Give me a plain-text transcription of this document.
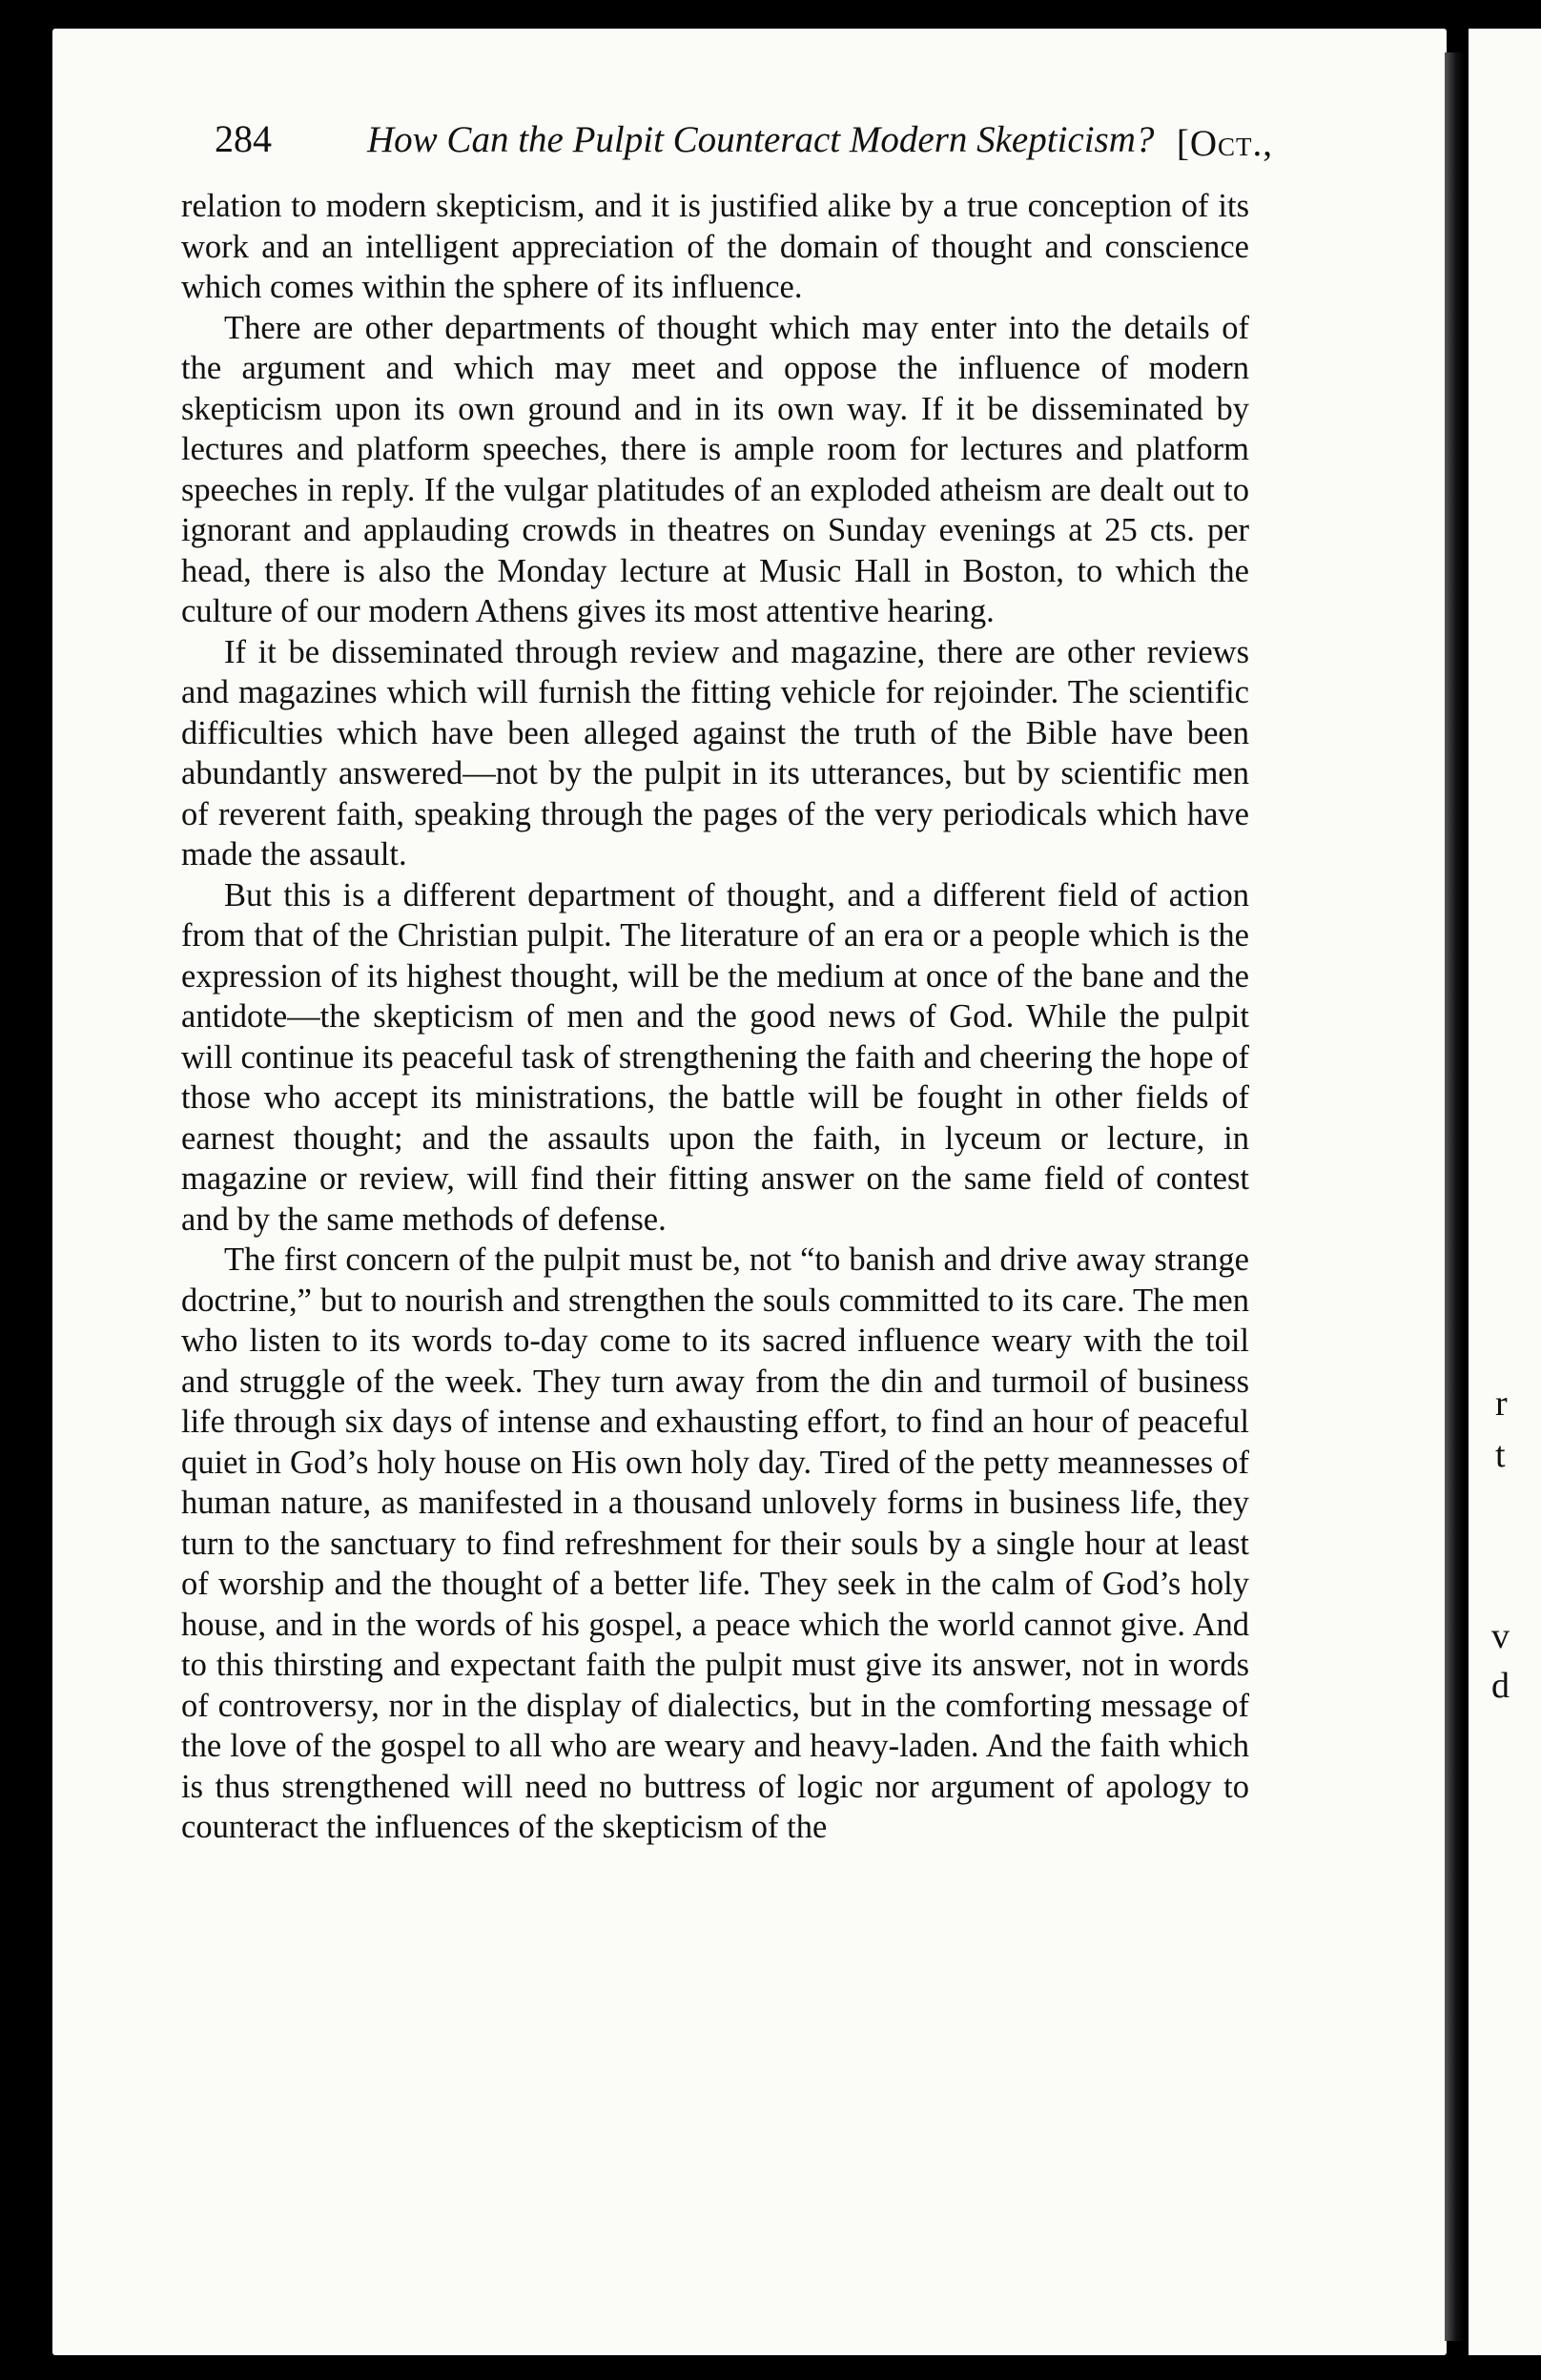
r
t
v
d
284	How Can the Pulpit Counteract Modern Skepticism? [Oct.,

relation to modern skepticism, and it is justified alike by a true conception of its work and an intelligent appreciation of the domain of thought and conscience which comes within the sphere of its influence.

There are other departments of thought which may enter into the details of the argument and which may meet and oppose the influence of modern skepticism upon its own ground and in its own way. If it be disseminated by lectures and platform speeches, there is ample room for lectures and platform speeches in reply. If the vulgar platitudes of an exploded atheism are dealt out to ignorant and applauding crowds in theatres on Sunday evenings at 25 cts. per head, there is also the Monday lecture at Music Hall in Boston, to which the culture of our modern Athens gives its most attentive hearing.

If it be disseminated through review and magazine, there are other reviews and magazines which will furnish the fitting vehicle for rejoinder. The scientific difficulties which have been alleged against the truth of the Bible have been abundantly answered—not by the pulpit in its utterances, but by scientific men of reverent faith, speaking through the pages of the very periodicals which have made the assault.

But this is a different department of thought, and a different field of action from that of the Christian pulpit. The literature of an era or a people which is the expression of its highest thought, will be the medium at once of the bane and the antidote—the skepticism of men and the good news of God. While the pulpit will continue its peaceful task of strengthening the faith and cheering the hope of those who accept its ministrations, the battle will be fought in other fields of earnest thought; and the assaults upon the faith, in lyceum or lecture, in magazine or review, will find their fitting answer on the same field of contest and by the same methods of defense.

The first concern of the pulpit must be, not “to banish and drive away strange doctrine,” but to nourish and strengthen the souls committed to its care. The men who listen to its words to-day come to its sacred influence weary with the toil and struggle of the week. They turn away from the din and turmoil of business life through six days of intense and exhausting effort, to find an hour of peaceful quiet in God’s holy house on His own holy day. Tired of the petty meannesses of human nature, as manifested in a thousand unlovely forms in business life, they turn to the sanctuary to find refreshment for their souls by a single hour at least of worship and the thought of a better life. They seek in the calm of God’s holy house, and in the words of his gospel, a peace which the world cannot give. And to this thirsting and expectant faith the pulpit must give its answer, not in words of controversy, nor in the display of dialectics, but in the comforting message of the love of the gospel to all who are weary and heavy-laden. And the faith which is thus strengthened will need no buttress of logic nor argument of apology to counteract the influences of the skepticism of the
